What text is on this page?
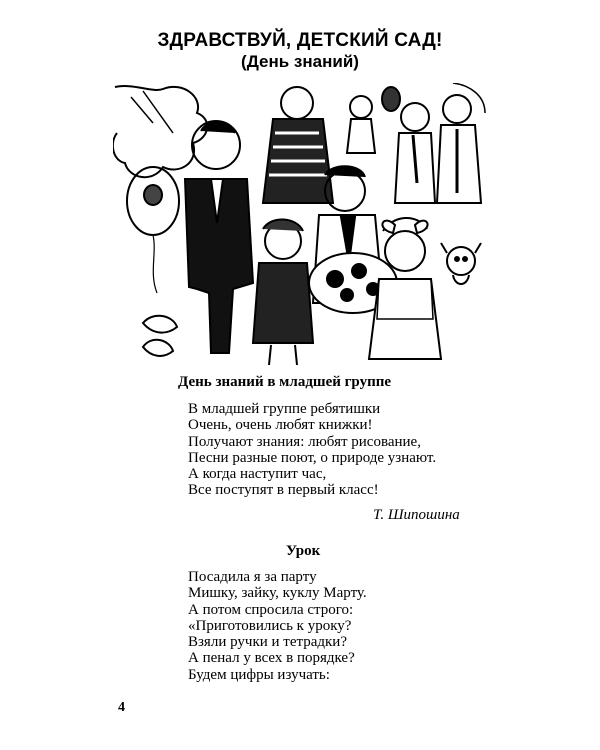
ЗДРАВСТВУЙ, ДЕТСКИЙ САД!
(День знаний)
День знаний в младшей группе
В младшей группе ребятишки
Очень, очень любят книжки!
Получают знания: любят рисование,
Песни разные поют, о природе узнают.
А когда наступит час,
Все поступят в первый класс!
Т. Шипошина
Урок
Посадила я за парту
Мишку, зайку, куклу Марту.
А потом спросила строго:
«Приготовились к уроку?
Взяли ручки и тетрадки?
А пенал у всех в порядке?
Будем цифры изучать:
4
